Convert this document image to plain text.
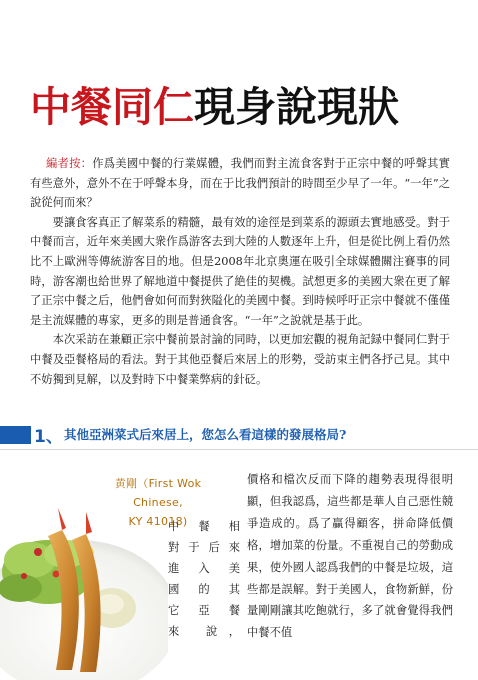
中餐同仁現身說現狀

編者按：作爲美國中餐的行業媒體，我們而對主流食客對于正宗中餐的呼聲其實有些意外，意外不在于呼聲本身，而在于比我們預計的時間至少早了一年。“一年”之說從何而來？

要讓食客真正了解菜系的精髓，最有效的途徑是到菜系的源頭去實地感受。對于中餐而言，近年來美國大衆作爲游客去到大陸的人數逐年上升，但是從比例上看仍然比不上歐洲等傳統游客目的地。但是2008年北京奧運在吸引全球媒體關注賽事的同時，游客潮也給世界了解地道中餐提供了絶佳的契機。試想更多的美國大衆在更了解了正宗中餐之后，他們會如何而對狹隘化的美國中餐。到時候呼吁正宗中餐就不僅僅是主流媒體的專家，更多的則是普通食客。“一年”之說就是基于此。

本次采訪在兼顧正宗中餐前景討論的同時，以更加宏觀的視角記録中餐同仁對于中餐及亞餐格局的看法。對于其他亞餐后來居上的形勢，受訪束主們各抒己見。其中不妨獨到見解，以及對時下中餐業弊病的針砭。

1、 其他亞洲菜式后來居上，您怎么看這樣的發展格局?
黄剛（First Wok Chinese,
KY 41018)
中 餐 相
對于后來
進 入 美
國 的 其
它 亞 餐
來 說，
價格和檔次反而下降的趨勢表現得很明顯，但我認爲，這些都是華人自己惡性競爭造成的。爲了贏得顧客，拼命降低價格，增加菜的份量。不重視自己的勞動成果，使外國人認爲我們的中餐是垃圾，這些都是誤解。對于美國人，食物新鮮，份量剛剛讓其吃飽就行，多了就會覺得我們中餐不值
